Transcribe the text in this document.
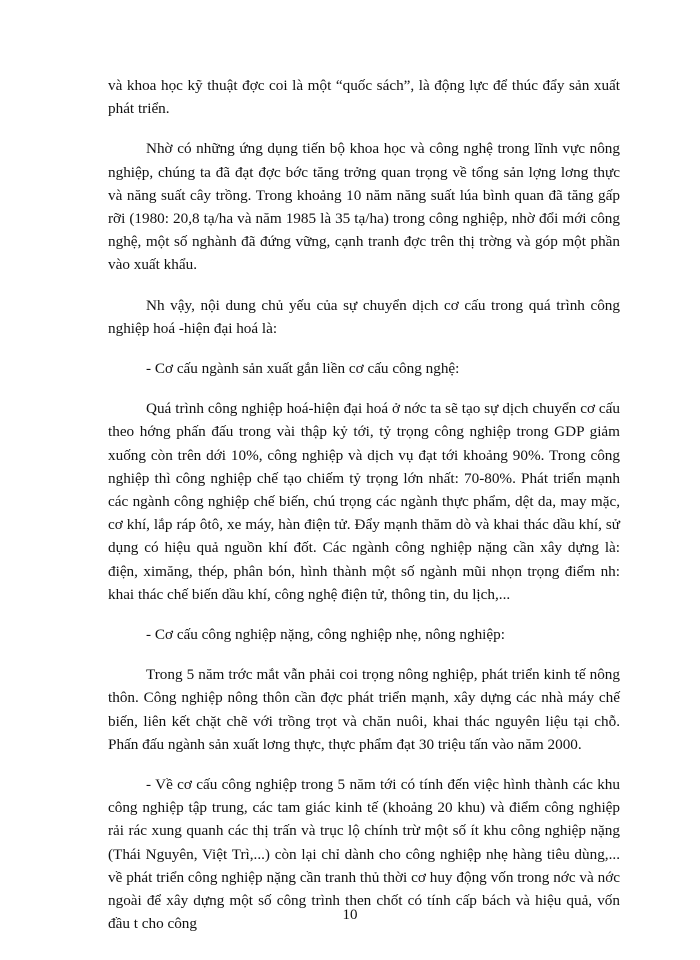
và khoa học kỹ thuật đợc coi là một “quốc sách”, là động lực để thúc đẩy sản xuất phát triển.

Nhờ có những ứng dụng tiến bộ khoa học và công nghệ trong lĩnh vực nông nghiệp, chúng ta đã đạt đợc bớc tăng trởng quan trọng về tổng sản lợng lơng thực và năng suất cây trồng. Trong khoảng 10 năm năng suất lúa bình quan đã tăng gấp rỡi (1980: 20,8 tạ/ha và năm 1985 là 35 tạ/ha) trong công nghiệp, nhờ đổi mới công nghệ, một số nghành đã đứng vững, cạnh tranh đợc trên thị trờng và góp một phần vào xuất khẩu.

Nh vậy, nội dung chủ yếu của sự chuyển dịch cơ cấu trong quá trình công nghiệp hoá -hiện đại hoá là:

- Cơ cấu ngành sản xuất gắn liền cơ cấu công nghệ:

Quá trình công nghiệp hoá-hiện đại hoá ở nớc ta sẽ tạo sự dịch chuyển cơ cấu theo hớng phấn đấu trong vài thập kỷ tới, tỷ trọng công nghiệp trong GDP giảm xuống còn trên dới 10%, công nghiệp và dịch vụ đạt tới khoảng 90%. Trong công nghiệp thì công nghiệp chế tạo chiếm tỷ trọng lớn nhất: 70-80%. Phát triển mạnh các ngành công nghiệp chế biến, chú trọng các ngành thực phẩm, dệt da, may mặc, cơ khí, lắp ráp ôtô, xe máy, hàn điện tử. Đẩy mạnh thăm dò và khai thác dầu khí, sử dụng có hiệu quả nguồn khí đốt. Các ngành công nghiệp nặng cần xây dựng là: điện, ximăng, thép, phân bón, hình thành một số ngành mũi nhọn trọng điểm nh: khai thác chế biến dầu khí, công nghệ điện tử, thông tin, du lịch,...

- Cơ cấu công nghiệp nặng, công nghiệp nhẹ, nông nghiệp:

Trong 5 năm trớc mắt vẫn phải coi trọng nông nghiệp, phát triển kinh tế nông thôn. Công nghiệp nông thôn cần đợc phát triển mạnh, xây dựng các nhà máy chế biến, liên kết chặt chẽ với trồng trọt và chăn nuôi, khai thác nguyên liệu tại chỗ. Phấn đấu ngành sản xuất lơng thực, thực phẩm đạt 30 triệu tấn vào năm 2000.

- Về cơ cấu công nghiệp trong 5 năm tới có tính đến việc hình thành các khu công nghiệp tập trung, các tam giác kinh tế (khoảng 20 khu) và điểm công nghiệp rải rác xung quanh các thị trấn và trục lộ chính trừ một số ít khu công nghiệp nặng (Thái Nguyên, Việt Trì,...) còn lại chỉ dành cho công nghiệp nhẹ hàng tiêu dùng,... về phát triển công nghiệp nặng cần tranh thủ thời cơ huy động vốn trong nớc và nớc ngoài để xây dựng một số công trình then chốt có tính cấp bách và hiệu quả, vốn đầu t cho công

10
